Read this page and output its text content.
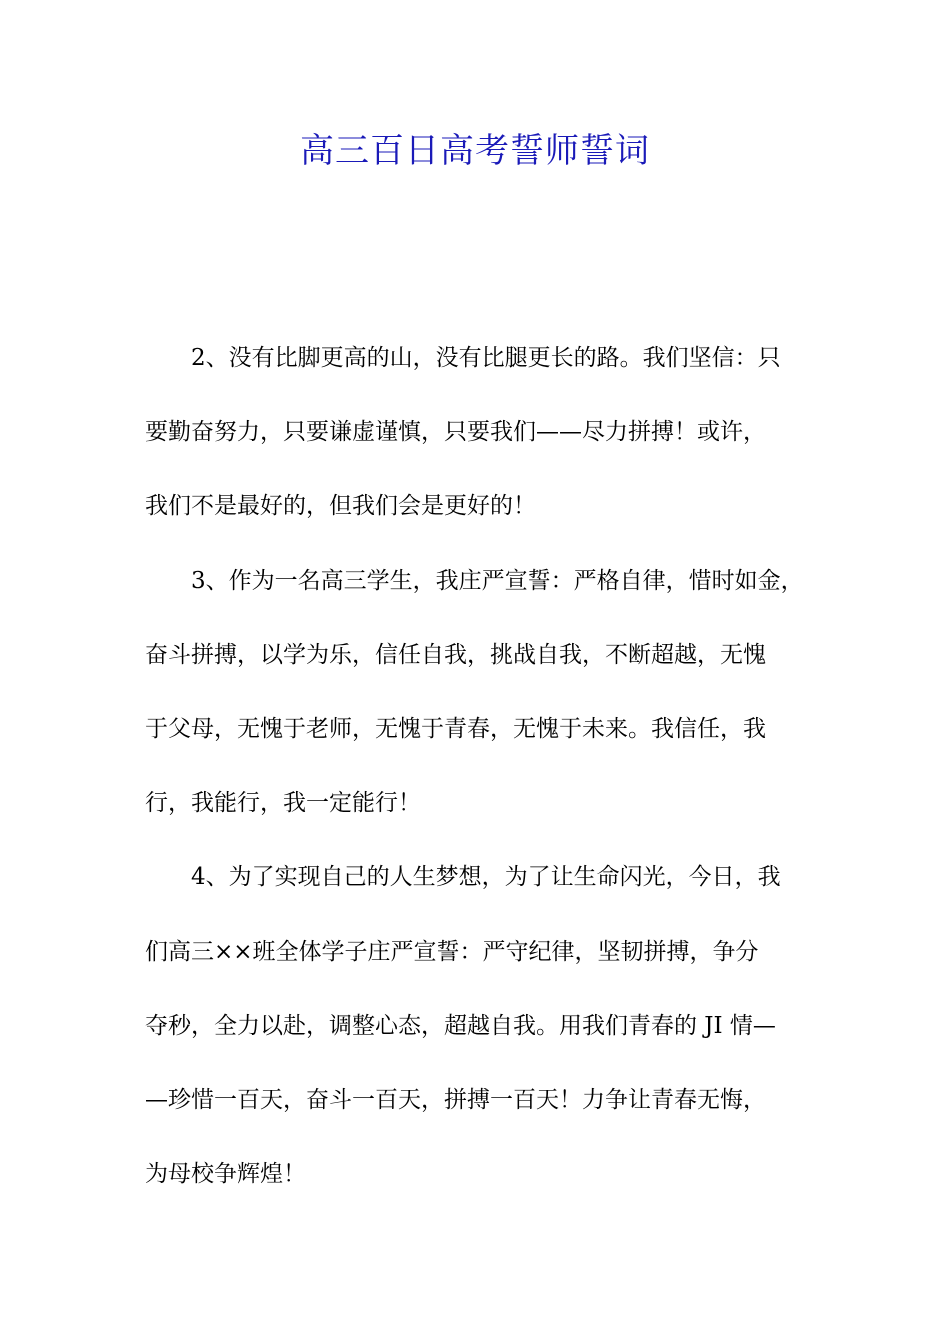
高三百日高考誓师誓词
2、没有比脚更高的山，没有比腿更长的路。我们坚信：只
要勤奋努力，只要谦虚谨慎，只要我们——尽力拼搏！或许，
我们不是最好的，但我们会是更好的！
3、作为一名高三学生，我庄严宣誓：严格自律，惜时如金，
奋斗拼搏，以学为乐，信任自我，挑战自我，不断超越，无愧
于父母，无愧于老师，无愧于青春，无愧于未来。我信任，我
行，我能行，我一定能行！
4、为了实现自己的人生梦想，为了让生命闪光，今日，我
们高三××班全体学子庄严宣誓：严守纪律，坚韧拼搏，争分
夺秒，全力以赴，调整心态，超越自我。用我们青春的 JI 情—
—珍惜一百天，奋斗一百天，拼搏一百天！力争让青春无悔，
为母校争辉煌！
